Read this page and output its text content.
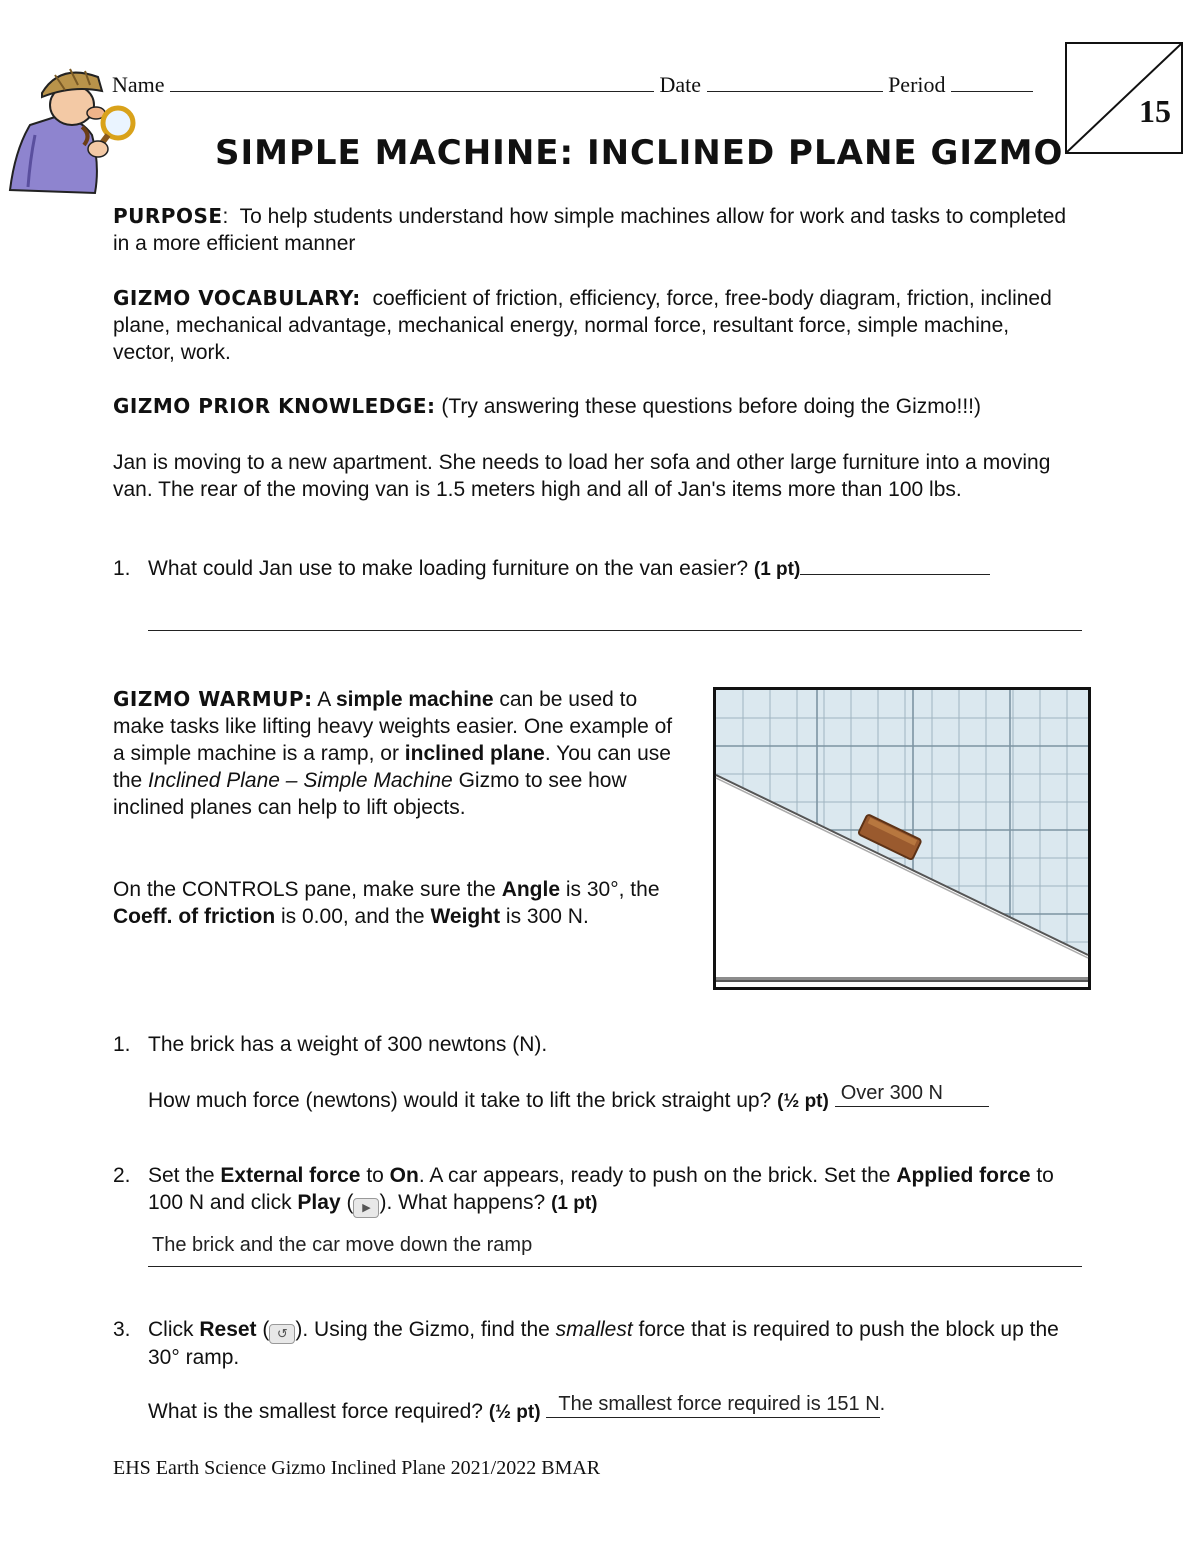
Name	Date	Period
15
SIMPLE MACHINE: INCLINED PLANE GIZMO
PURPOSE:  To help students understand how simple machines allow for work and tasks to completed in a more efficient manner
GIZMO VOCABULARY: coefficient of friction, efficiency, force, free-body diagram, friction, inclined plane, mechanical advantage, mechanical energy, normal force, resultant force, simple machine, vector, work.
GIZMO PRIOR KNOWLEDGE: (Try answering these questions before doing the Gizmo!!!)
Jan is moving to a new apartment. She needs to load her sofa and other large furniture into a moving van. The rear of the moving van is 1.5 meters high and all of Jan's items more than 100 lbs.
1. What could Jan use to make loading furniture on the van easier? (1 pt)
GIZMO WARMUP: A simple machine can be used to make tasks like lifting heavy weights easier. One example of a simple machine is a ramp, or inclined plane. You can use the Inclined Plane – Simple Machine Gizmo to see how inclined planes can help to lift objects.
On the CONTROLS pane, make sure the Angle is 30°, the Coeff. of friction is 0.00, and the Weight is 300 N.
1. The brick has a weight of 300 newtons (N).
How much force (newtons) would it take to lift the brick straight up? (½ pt) Over 300 N
2. Set the External force to On. A car appears, ready to push on the brick. Set the Applied force to 100 N and click Play ( ▶ ). What happens? (1 pt)
The brick and the car move down the ramp
3. Click Reset ( ↺ ). Using the Gizmo, find the smallest force that is required to push the block up the 30° ramp.
What is the smallest force required? (½ pt) The smallest force required is 151 N.
EHS Earth Science Gizmo Inclined Plane 2021/2022 BMAR
